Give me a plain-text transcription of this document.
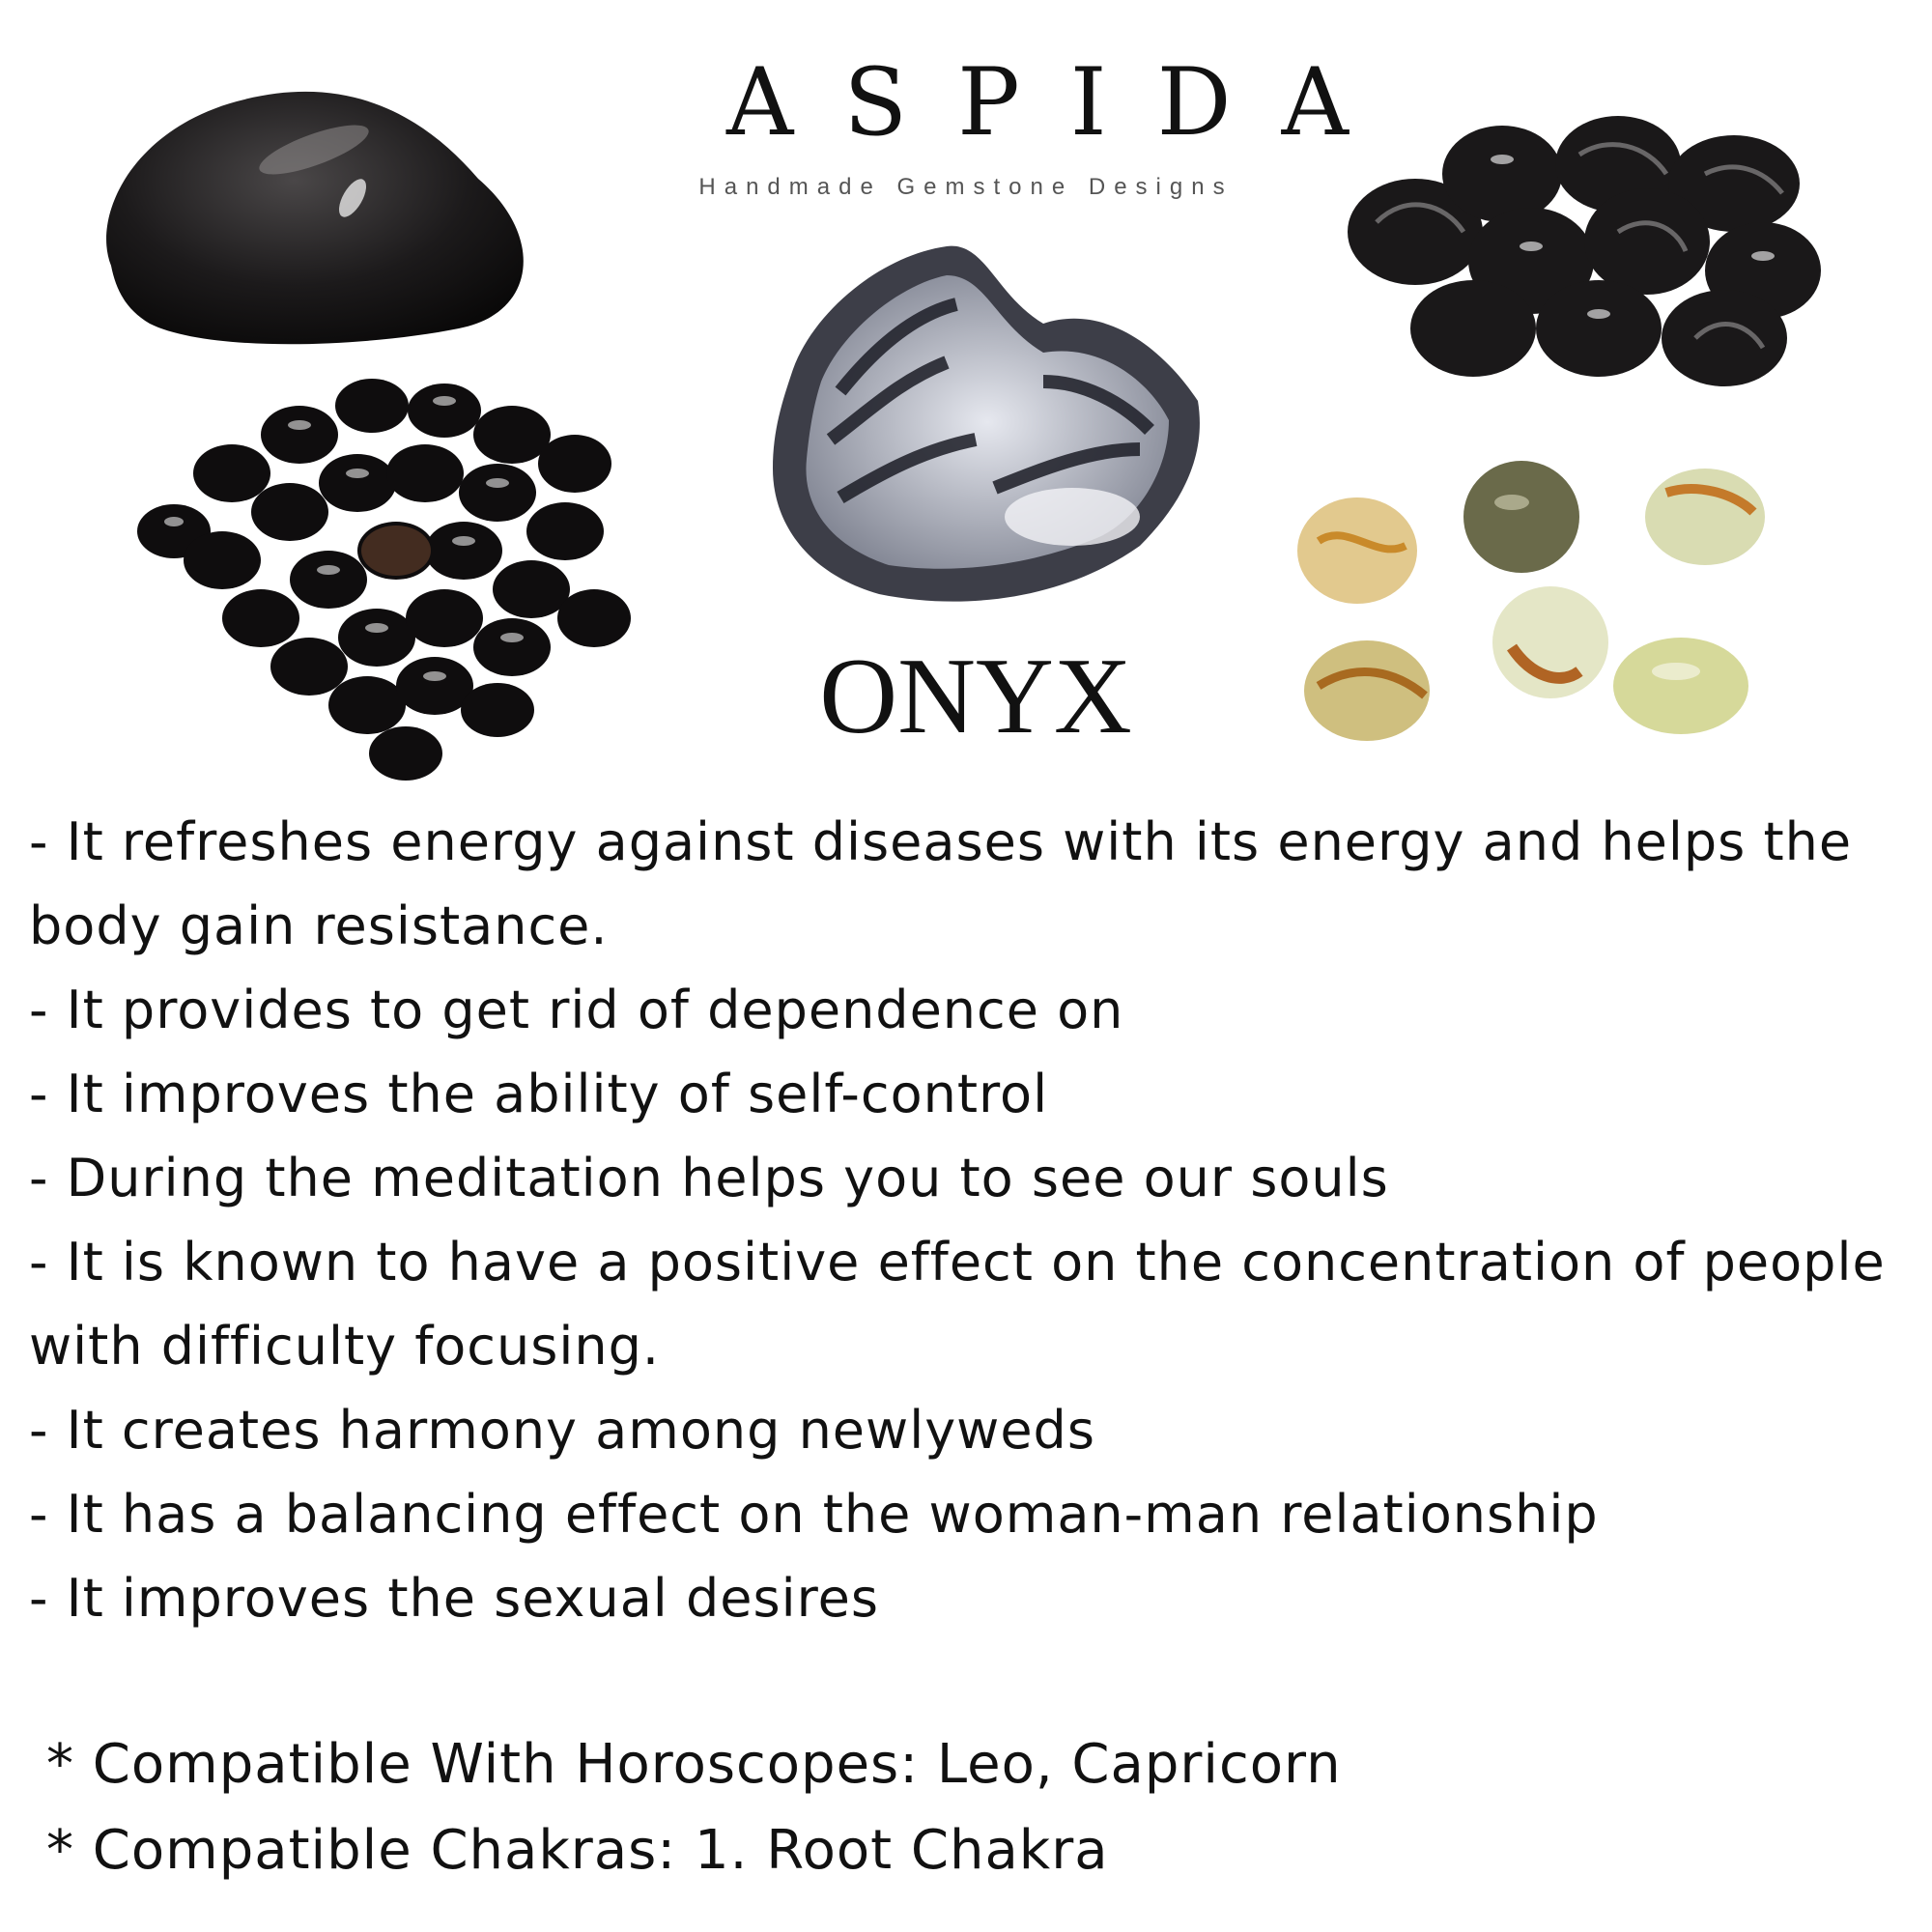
ASPIDA
Handmade Gemstone Designs
ONYX
- It refreshes energy against diseases with its energy and helps the
body gain resistance.
- It provides to get rid of dependence on
- It improves the ability of self-control
- During the meditation helps you to see our souls
- It is known to have a positive effect on the concentration of people
with difficulty focusing.
- It creates harmony among newlyweds
- It has a balancing effect on the woman-man relationship
- It improves the sexual desires
* Compatible With Horoscopes: Leo, Capricorn
* Compatible Chakras: 1. Root Chakra
